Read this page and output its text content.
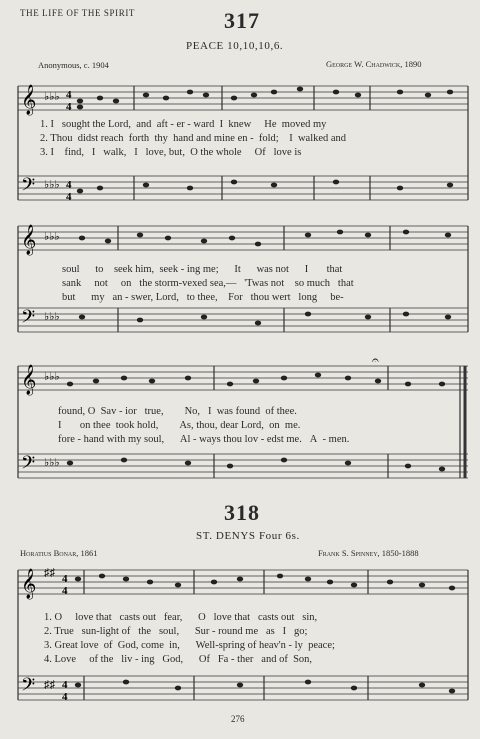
THE LIFE OF THE SPIRIT	317
PEACE 10,10,10,6.
Anonymous, c. 1904	George W. Chadwick, 1890
𝄞
𝄢
♭♭♭
♭♭♭
4
4
4
4
1. I sought the Lord, and aft - er - ward I knew He moved my
2. Thou didst reach forth thy hand and mine en - fold; I walked and
3. I find, I walk, I love, but, O the whole Of love is
𝄞
𝄢
♭♭♭
♭♭♭
soul to seek him, seek - ing me; It was not I that
sank not on the storm-vexed sea,— 'Twas not so much that
but my an - swer, Lord, to thee, For thou wert long be-
𝄞
𝄢
♭♭♭
♭♭♭
𝄐
found, O Sav - ior true, No, I was found of thee.
I on thee took hold, As, thou, dear Lord, on me.
fore - hand with my soul, Al - ways thou lov - edst me. A - men.
318
ST. DENYS Four 6s.
Horatius Bonar, 1861	Frank S. Spinney, 1850-1888
𝄞
𝄢
♯♯
♯♯
4
4
4
4
1. O love that casts out fear, O love that casts out sin,
2. True sun-light of the soul, Sur - round me as I go;
3. Great love of God, come in, Well-spring of heav'n - ly peace;
4. Love of the liv - ing God, Of Fa - ther and of Son,
276
